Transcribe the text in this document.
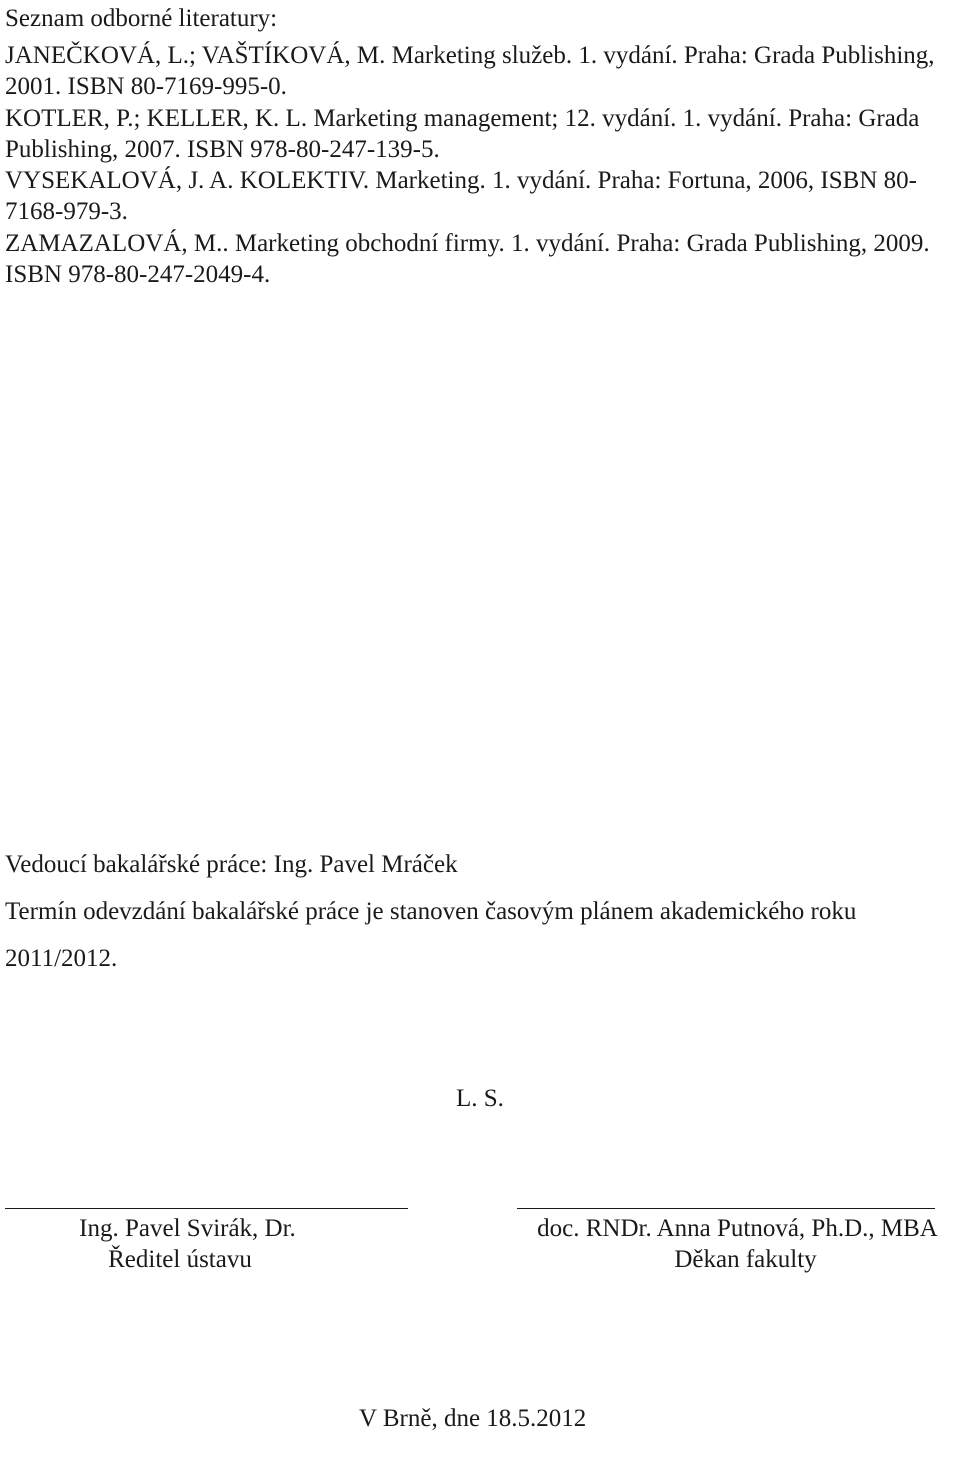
Seznam odborné literatury:
JANEČKOVÁ, L.; VAŠTÍKOVÁ, M. Marketing služeb. 1. vydání. Praha: Grada Publishing, 2001. ISBN 80-7169-995-0.
KOTLER, P.; KELLER, K. L. Marketing management; 12. vydání. 1. vydání. Praha: Grada Publishing, 2007. ISBN 978-80-247-139-5.
VYSEKALOVÁ, J. A. KOLEKTIV. Marketing. 1. vydání. Praha: Fortuna, 2006, ISBN 80-7168-979-3.
ZAMAZALOVÁ, M.. Marketing obchodní firmy. 1. vydání. Praha: Grada Publishing, 2009. ISBN 978-80-247-2049-4.
Vedoucí bakalářské práce: Ing. Pavel Mráček
Termín odevzdání bakalářské práce je stanoven časovým plánem akademického roku
2011/2012.
L. S.
Ing. Pavel Svirák, Dr.
Ředitel ústavu
doc. RNDr. Anna Putnová, Ph.D., MBA
Děkan fakulty
V Brně, dne 18.5.2012
